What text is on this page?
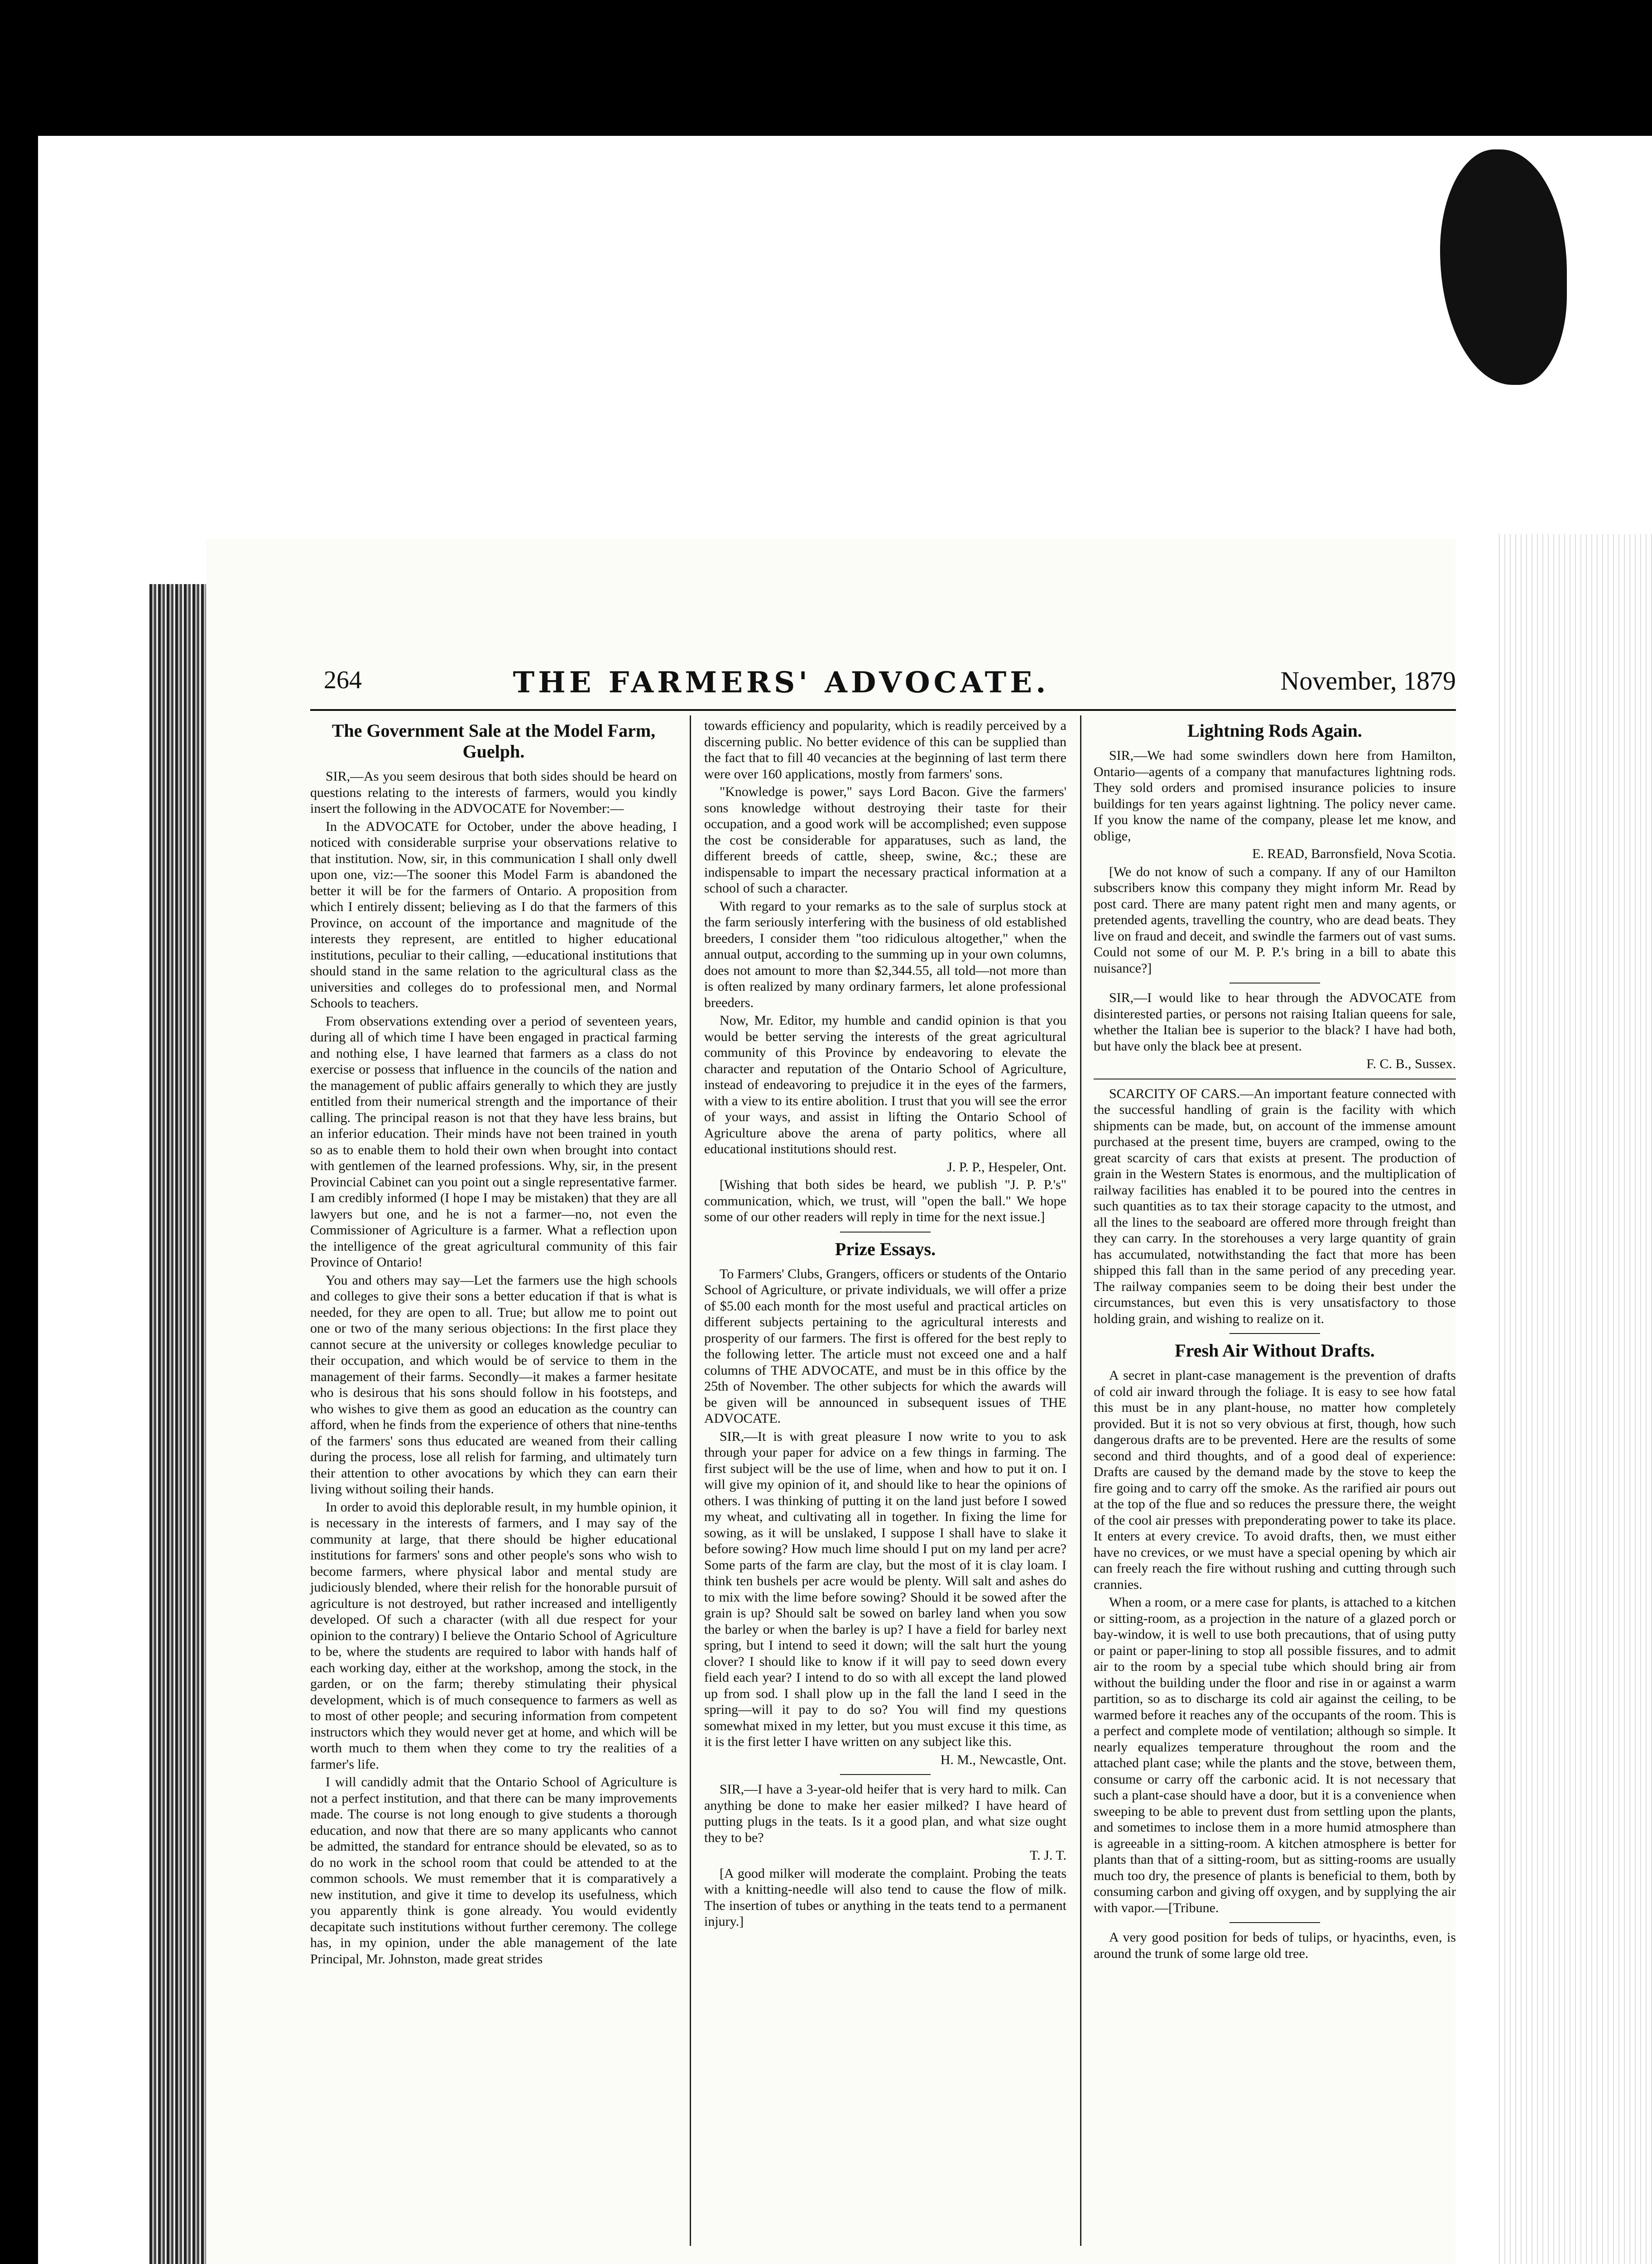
264	THE FARMERS' ADVOCATE.	November, 1879
The Government Sale at the Model Farm, Guelph.

SIR,—As you seem desirous that both sides should be heard on questions relating to the interests of farmers, would you kindly insert the following in the ADVOCATE for November:—

In the ADVOCATE for October, under the above heading, I noticed with considerable surprise your observations relative to that institution. Now, sir, in this communication I shall only dwell upon one, viz:—The sooner this Model Farm is abandoned the better it will be for the farmers of Ontario. A proposition from which I entirely dissent; believing as I do that the farmers of this Province, on account of the importance and magnitude of the interests they represent, are entitled to higher educational institutions, peculiar to their calling, —educational institutions that should stand in the same relation to the agricultural class as the universities and colleges do to professional men, and Normal Schools to teachers.

From observations extending over a period of seventeen years, during all of which time I have been engaged in practical farming and nothing else, I have learned that farmers as a class do not exercise or possess that influence in the councils of the nation and the management of public affairs generally to which they are justly entitled from their numerical strength and the importance of their calling. The principal reason is not that they have less brains, but an inferior education. Their minds have not been trained in youth so as to enable them to hold their own when brought into contact with gentlemen of the learned professions. Why, sir, in the present Provincial Cabinet can you point out a single representative farmer. I am credibly informed (I hope I may be mistaken) that they are all lawyers but one, and he is not a farmer—no, not even the Commissioner of Agriculture is a farmer. What a reflection upon the intelligence of the great agricultural community of this fair Province of Ontario!

You and others may say—Let the farmers use the high schools and colleges to give their sons a better education if that is what is needed, for they are open to all. True; but allow me to point out one or two of the many serious objections: In the first place they cannot secure at the university or colleges knowledge peculiar to their occupation, and which would be of service to them in the management of their farms. Secondly—it makes a farmer hesitate who is desirous that his sons should follow in his footsteps, and who wishes to give them as good an education as the country can afford, when he finds from the experience of others that nine-tenths of the farmers' sons thus educated are weaned from their calling during the process, lose all relish for farming, and ultimately turn their attention to other avocations by which they can earn their living without soiling their hands.

In order to avoid this deplorable result, in my humble opinion, it is necessary in the interests of farmers, and I may say of the community at large, that there should be higher educational institutions for farmers' sons and other people's sons who wish to become farmers, where physical labor and mental study are judiciously blended, where their relish for the honorable pursuit of agriculture is not destroyed, but rather increased and intelligently developed. Of such a character (with all due respect for your opinion to the contrary) I believe the Ontario School of Agriculture to be, where the students are required to labor with hands half of each working day, either at the workshop, among the stock, in the garden, or on the farm; thereby stimulating their physical development, which is of much consequence to farmers as well as to most of other people; and securing information from competent instructors which they would never get at home, and which will be worth much to them when they come to try the realities of a farmer's life.

I will candidly admit that the Ontario School of Agriculture is not a perfect institution, and that there can be many improvements made. The course is not long enough to give students a thorough education, and now that there are so many applicants who cannot be admitted, the standard for entrance should be elevated, so as to do no work in the school room that could be attended to at the common schools. We must remember that it is comparatively a new institution, and give it time to develop its usefulness, which you apparently think is gone already. You would evidently decapitate such institutions without further ceremony. The college has, in my opinion, under the able management of the late Principal, Mr. Johnston, made great strides

towards efficiency and popularity, which is readily perceived by a discerning public. No better evidence of this can be supplied than the fact that to fill 40 vecancies at the beginning of last term there were over 160 applications, mostly from farmers' sons.

"Knowledge is power," says Lord Bacon. Give the farmers' sons knowledge without destroying their taste for their occupation, and a good work will be accomplished; even suppose the cost be considerable for apparatuses, such as land, the different breeds of cattle, sheep, swine, &c.; these are indispensable to impart the necessary practical information at a school of such a character.

With regard to your remarks as to the sale of surplus stock at the farm seriously interfering with the business of old established breeders, I consider them "too ridiculous altogether," when the annual output, according to the summing up in your own columns, does not amount to more than $2,344.55, all told—not more than is often realized by many ordinary farmers, let alone professional breeders.

Now, Mr. Editor, my humble and candid opinion is that you would be better serving the interests of the great agricultural community of this Province by endeavoring to elevate the character and reputation of the Ontario School of Agriculture, instead of endeavoring to prejudice it in the eyes of the farmers, with a view to its entire abolition. I trust that you will see the error of your ways, and assist in lifting the Ontario School of Agriculture above the arena of party politics, where all educational institutions should rest.

J. P. P., Hespeler, Ont.

[Wishing that both sides be heard, we publish "J. P. P.'s" communication, which, we trust, will "open the ball." We hope some of our other readers will reply in time for the next issue.]

Prize Essays.

To Farmers' Clubs, Grangers, officers or students of the Ontario School of Agriculture, or private individuals, we will offer a prize of $5.00 each month for the most useful and practical articles on different subjects pertaining to the agricultural interests and prosperity of our farmers. The first is offered for the best reply to the following letter. The article must not exceed one and a half columns of THE ADVOCATE, and must be in this office by the 25th of November. The other subjects for which the awards will be given will be announced in subsequent issues of THE ADVOCATE.

SIR,—It is with great pleasure I now write to you to ask through your paper for advice on a few things in farming. The first subject will be the use of lime, when and how to put it on. I will give my opinion of it, and should like to hear the opinions of others. I was thinking of putting it on the land just before I sowed my wheat, and cultivating all in together. In fixing the lime for sowing, as it will be unslaked, I suppose I shall have to slake it before sowing? How much lime should I put on my land per acre? Some parts of the farm are clay, but the most of it is clay loam. I think ten bushels per acre would be plenty. Will salt and ashes do to mix with the lime before sowing? Should it be sowed after the grain is up? Should salt be sowed on barley land when you sow the barley or when the barley is up? I have a field for barley next spring, but I intend to seed it down; will the salt hurt the young clover? I should like to know if it will pay to seed down every field each year? I intend to do so with all except the land plowed up from sod. I shall plow up in the fall the land I seed in the spring—will it pay to do so? You will find my questions somewhat mixed in my letter, but you must excuse it this time, as it is the first letter I have written on any subject like this.

H. M., Newcastle, Ont.

SIR,—I have a 3-year-old heifer that is very hard to milk. Can anything be done to make her easier milked? I have heard of putting plugs in the teats. Is it a good plan, and what size ought they to be?

T. J. T.

[A good milker will moderate the complaint. Probing the teats with a knitting-needle will also tend to cause the flow of milk. The insertion of tubes or anything in the teats tend to a permanent injury.]

Lightning Rods Again.

SIR,—We had some swindlers down here from Hamilton, Ontario—agents of a company that manufactures lightning rods. They sold orders and promised insurance policies to insure buildings for ten years against lightning. The policy never came. If you know the name of the company, please let me know, and oblige,

E. READ, Barronsfield, Nova Scotia.

[We do not know of such a company. If any of our Hamilton subscribers know this company they might inform Mr. Read by post card. There are many patent right men and many agents, or pretended agents, travelling the country, who are dead beats. They live on fraud and deceit, and swindle the farmers out of vast sums. Could not some of our M. P. P.'s bring in a bill to abate this nuisance?]

SIR,—I would like to hear through the ADVOCATE from disinterested parties, or persons not raising Italian queens for sale, whether the Italian bee is superior to the black? I have had both, but have only the black bee at present.

F. C. B., Sussex.

SCARCITY OF CARS.—An important feature connected with the successful handling of grain is the facility with which shipments can be made, but, on account of the immense amount purchased at the present time, buyers are cramped, owing to the great scarcity of cars that exists at present. The production of grain in the Western States is enormous, and the multiplication of railway facilities has enabled it to be poured into the centres in such quantities as to tax their storage capacity to the utmost, and all the lines to the seaboard are offered more through freight than they can carry. In the storehouses a very large quantity of grain has accumulated, notwithstanding the fact that more has been shipped this fall than in the same period of any preceding year. The railway companies seem to be doing their best under the circumstances, but even this is very unsatisfactory to those holding grain, and wishing to realize on it.

Fresh Air Without Drafts.

A secret in plant-case management is the prevention of drafts of cold air inward through the foliage. It is easy to see how fatal this must be in any plant-house, no matter how completely provided. But it is not so very obvious at first, though, how such dangerous drafts are to be prevented. Here are the results of some second and third thoughts, and of a good deal of experience: Drafts are caused by the demand made by the stove to keep the fire going and to carry off the smoke. As the rarified air pours out at the top of the flue and so reduces the pressure there, the weight of the cool air presses with preponderating power to take its place. It enters at every crevice. To avoid drafts, then, we must either have no crevices, or we must have a special opening by which air can freely reach the fire without rushing and cutting through such crannies.

When a room, or a mere case for plants, is attached to a kitchen or sitting-room, as a projection in the nature of a glazed porch or bay-window, it is well to use both precautions, that of using putty or paint or paper-lining to stop all possible fissures, and to admit air to the room by a special tube which should bring air from without the building under the floor and rise in or against a warm partition, so as to discharge its cold air against the ceiling, to be warmed before it reaches any of the occupants of the room. This is a perfect and complete mode of ventilation; although so simple. It nearly equalizes temperature throughout the room and the attached plant case; while the plants and the stove, between them, consume or carry off the carbonic acid. It is not necessary that such a plant-case should have a door, but it is a convenience when sweeping to be able to prevent dust from settling upon the plants, and sometimes to inclose them in a more humid atmosphere than is agreeable in a sitting-room. A kitchen atmosphere is better for plants than that of a sitting-room, but as sitting-rooms are usually much too dry, the presence of plants is beneficial to them, both by consuming carbon and giving off oxygen, and by supplying the air with vapor.—[Tribune.

A very good position for beds of tulips, or hyacinths, even, is around the trunk of some large old tree.
